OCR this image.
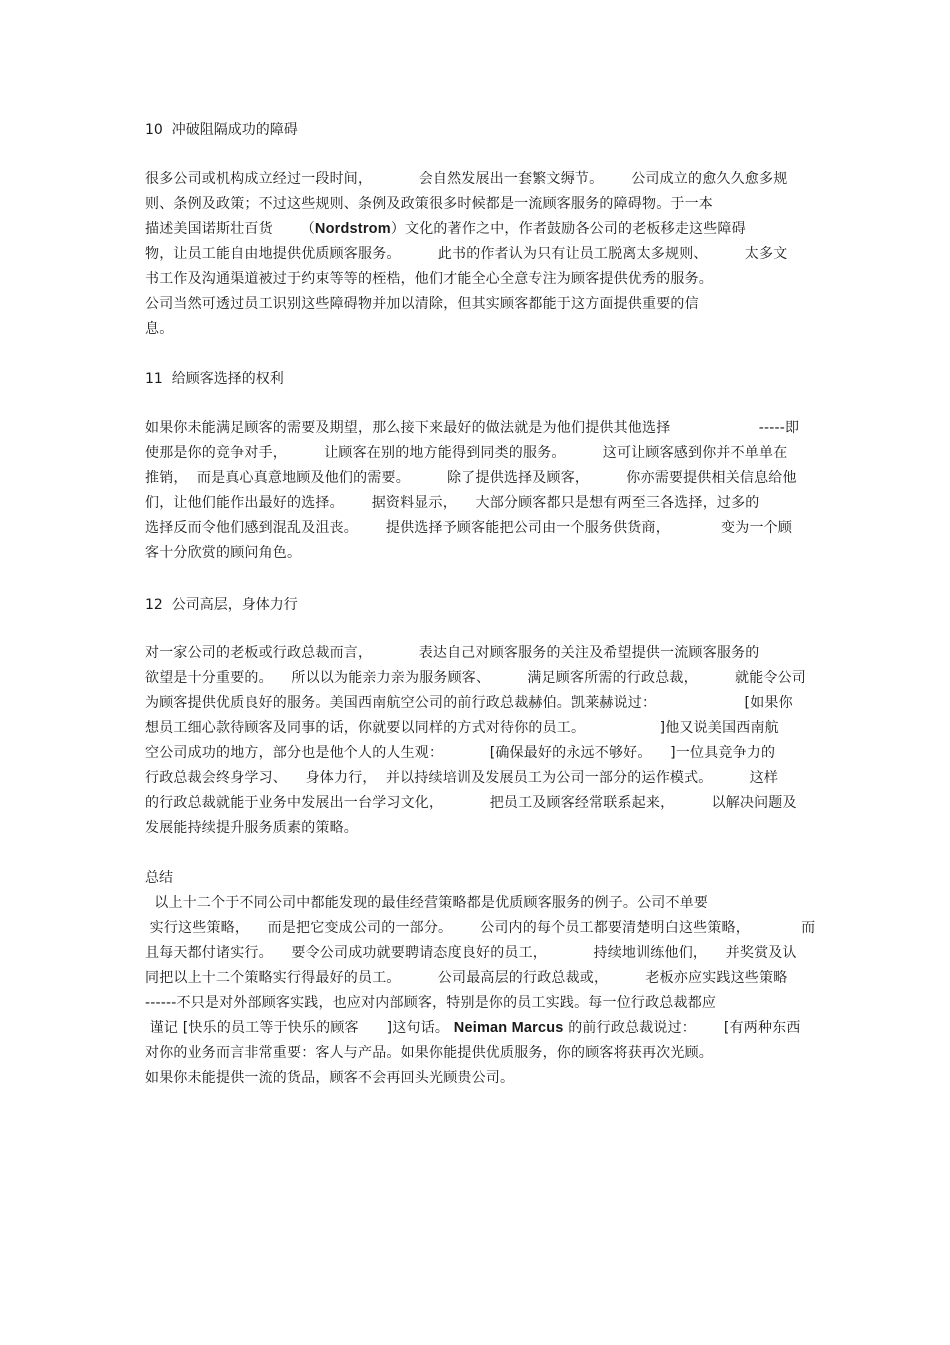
10  冲破阻隔成功的障碍
很多公司或机构成立经过一段时间，          会自然发展出一套繁文缛节。      公司成立的愈久久愈多规
则、条例及政策；不过这些规则、条例及政策很多时候都是一流顾客服务的障碍物。于一本
描述美国诺斯壮百货      （Nordstrom）文化的著作之中，作者鼓励各公司的老板移走这些障碍
物，让员工能自由地提供优质顾客服务。        此书的作者认为只有让员工脱离太多规则、        太多文
书工作及沟通渠道被过于约束等等的桎梏，他们才能全心全意专注为顾客提供优秀的服务。
公司当然可透过员工识别这些障碍物并加以清除，但其实顾客都能于这方面提供重要的信
息。
11  给顾客选择的权利
如果你未能满足顾客的需要及期望，那么接下来最好的做法就是为他们提供其他选择                   -----即
使那是你的竞争对手，        让顾客在别的地方能得到同类的服务。        这可让顾客感到你并不单单在
推销，  而是真心真意地顾及他们的需要。        除了提供选择及顾客，        你亦需要提供相关信息给他
们，让他们能作出最好的选择。      据资料显示，    大部分顾客都只是想有两至三各选择，过多的
选择反而令他们感到混乱及沮丧。      提供选择予顾客能把公司由一个服务供货商，           变为一个顾
客十分欣赏的顾问角色。
12  公司高层，身体力行
对一家公司的老板或行政总裁而言，          表达自己对顾客服务的关注及希望提供一流顾客服务的
欲望是十分重要的。    所以以为能亲力亲为服务顾客、        满足顾客所需的行政总裁，        就能令公司
为顾客提供优质良好的服务。美国西南航空公司的前行政总裁赫伯。凯莱赫说过：                   [如果你
想员工细心款待顾客及同事的话，你就要以同样的方式对待你的员工。                ]他又说美国西南航
空公司成功的地方，部分也是他个人的人生观：          [确保最好的永远不够好。    ]一位具竞争力的
行政总裁会终身学习、    身体力行，  并以持续培训及发展员工为公司一部分的运作模式。        这样
的行政总裁就能于业务中发展出一台学习文化，          把员工及顾客经常联系起来，        以解决问题及
发展能持续提升服务质素的策略。
总结
以上十二个于不同公司中都能发现的最佳经营策略都是优质顾客服务的例子。公司不单要
实行这些策略，    而是把它变成公司的一部分。      公司内的每个员工都要清楚明白这些策略，           而
且每天都付诸实行。    要令公司成功就要聘请态度良好的员工，          持续地训练他们，    并奖赏及认
同把以上十二个策略实行得最好的员工。        公司最高层的行政总裁或，        老板亦应实践这些策略
------不只是对外部顾客实践，也应对内部顾客，特别是你的员工实践。每一位行政总裁都应
谨记 [快乐的员工等于快乐的顾客      ]这句话。 Neiman Marcus 的前行政总裁说过：      [有两种东西
对你的业务而言非常重要：客人与产品。如果你能提供优质服务，你的顾客将获再次光顾。
如果你未能提供一流的货品，顾客不会再回头光顾贵公司。
